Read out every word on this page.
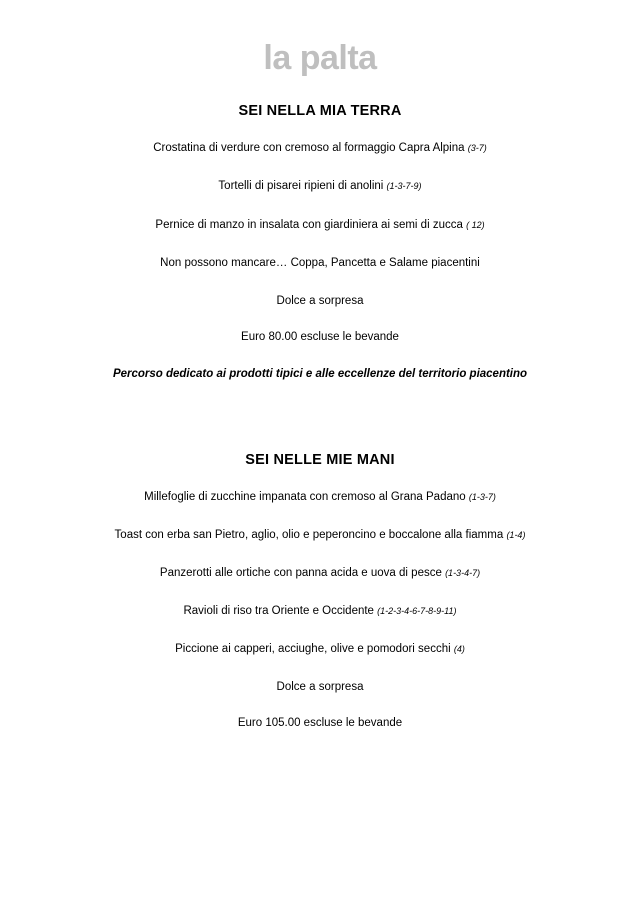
la palta
SEI NELLA MIA TERRA

Crostatina di verdure con cremoso al formaggio Capra Alpina (3-7)

Tortelli di pisarei ripieni di anolini (1-3-7-9)

Pernice di manzo in insalata con giardiniera ai semi di zucca ( 12)

Non possono mancare… Coppa, Pancetta e Salame piacentini

Dolce a sorpresa

Euro 80.00 escluse le bevande
Percorso dedicato ai prodotti tipici e alle eccellenze del territorio piacentino
SEI NELLE MIE MANI

Millefoglie di zucchine impanata con cremoso al Grana Padano (1-3-7)

Toast con erba san Pietro, aglio, olio e peperoncino e boccalone alla fiamma (1-4)

Panzerotti alle ortiche con panna acida e uova di pesce (1-3-4-7)

Ravioli di riso tra Oriente e Occidente (1-2-3-4-6-7-8-9-11)

Piccione ai capperi, acciughe, olive e pomodori secchi (4)

Dolce a sorpresa

Euro 105.00 escluse le bevande
